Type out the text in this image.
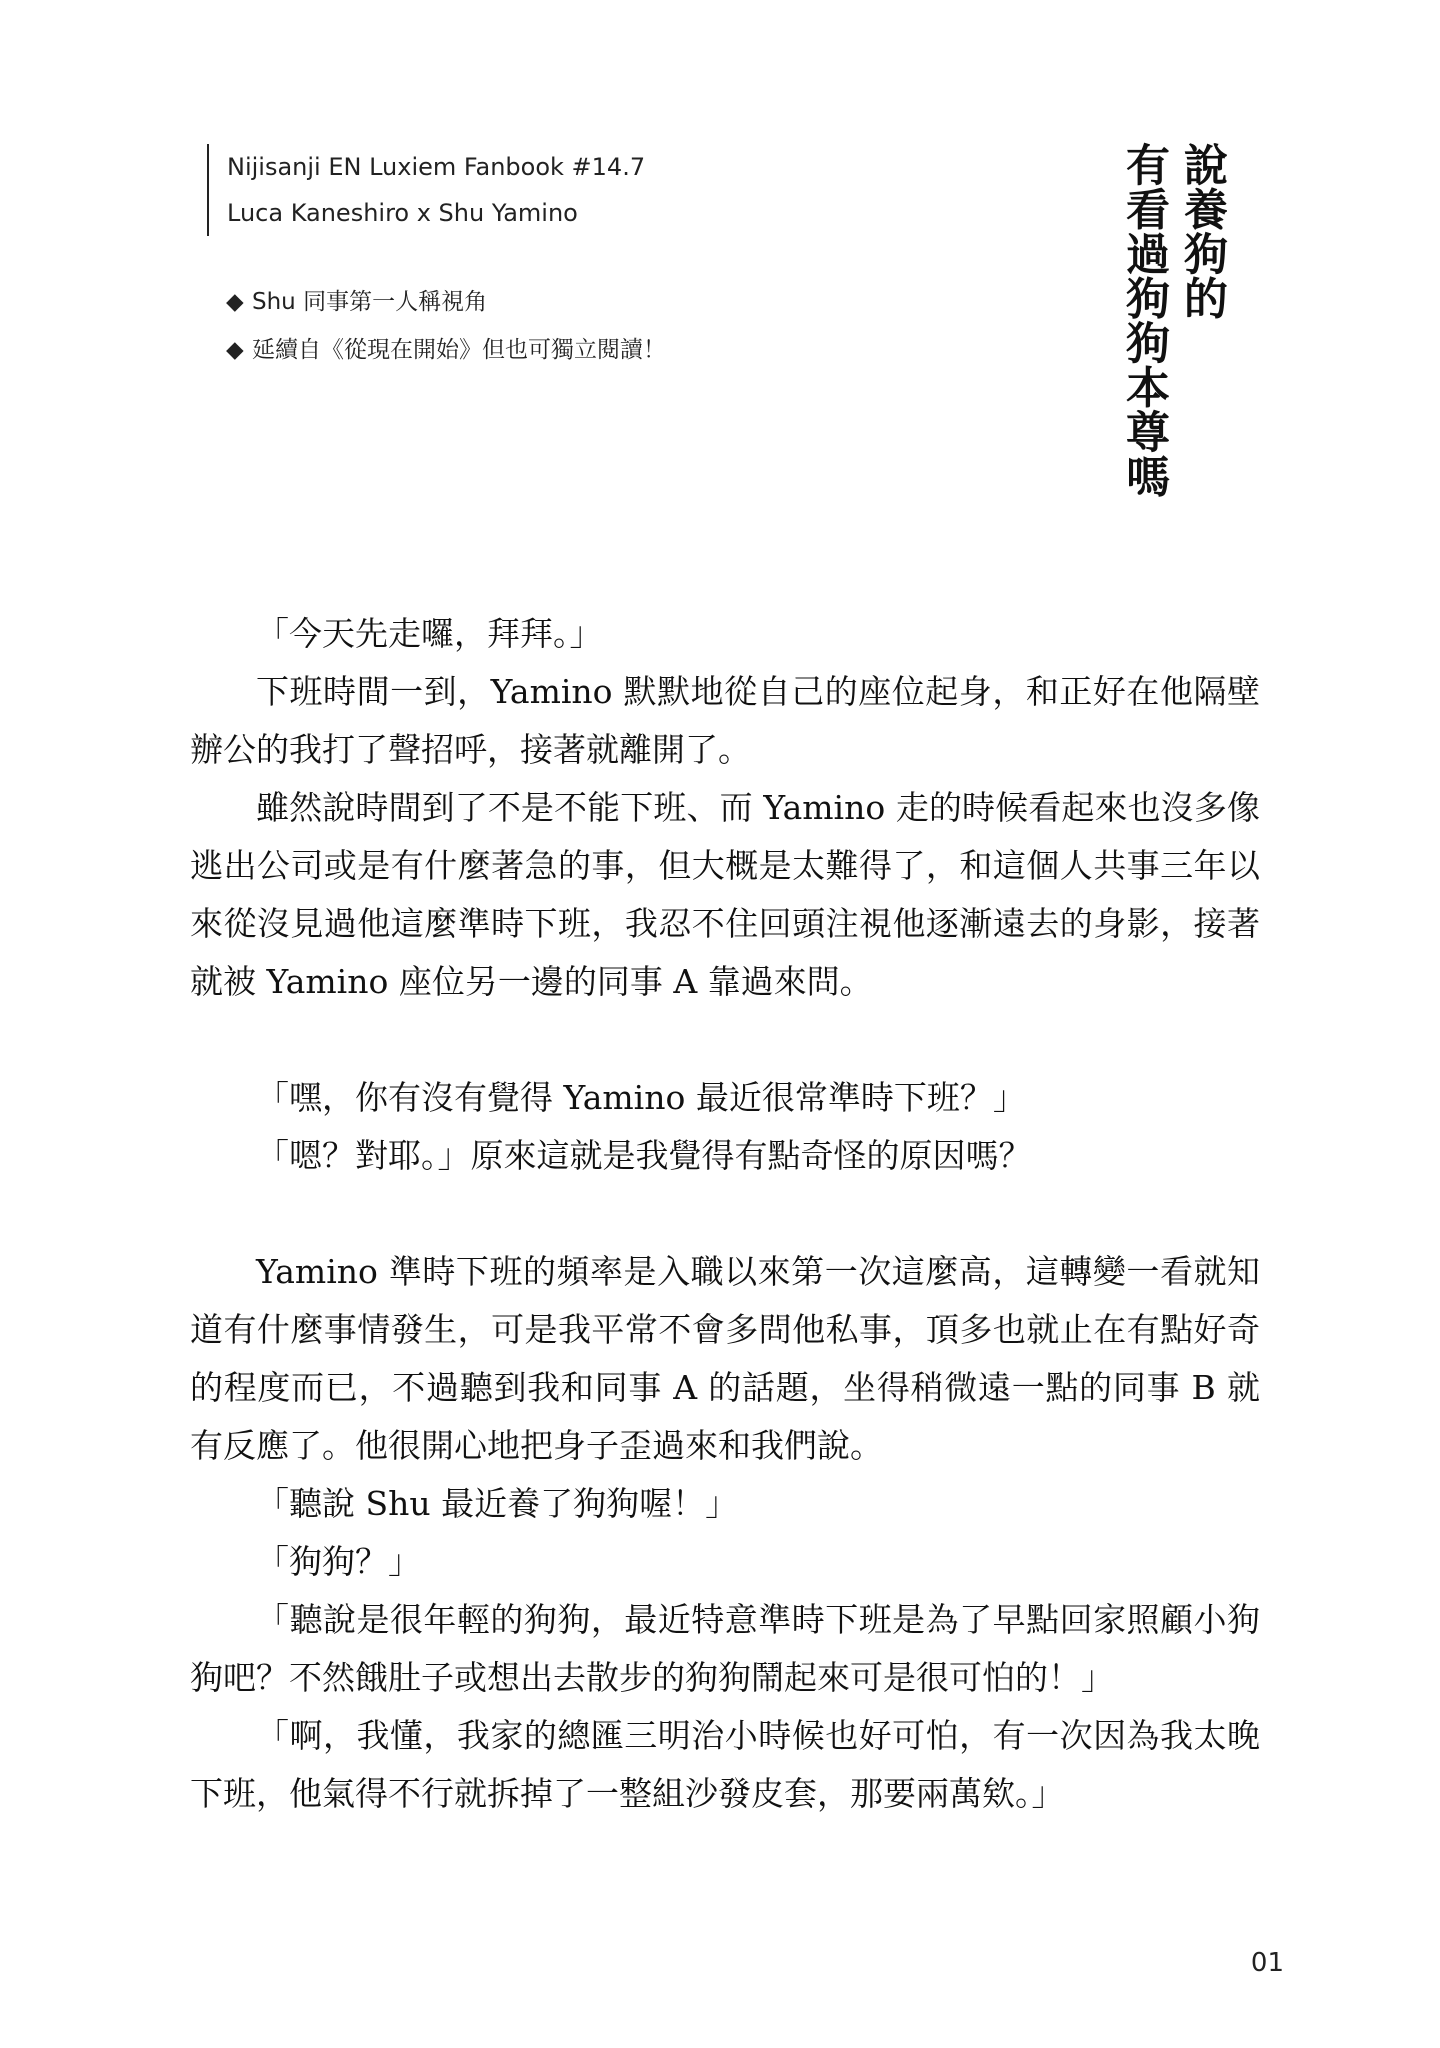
Nijisanji EN Luxiem Fanbook #14.7
Luca Kaneshiro x Shu Yamino
◆ Shu 同事第一人稱視角
◆ 延續自《從現在開始》但也可獨立閱讀！
說養狗的
有看過狗狗本尊嗎

「今天先走囉，拜拜。」

下班時間一到，Yamino 默默地從自己的座位起身，和正好在他隔壁辦公的我打了聲招呼，接著就離開了。

雖然說時間到了不是不能下班、而 Yamino 走的時候看起來也沒多像逃出公司或是有什麼著急的事，但大概是太難得了，和這個人共事三年以來從沒見過他這麼準時下班，我忍不住回頭注視他逐漸遠去的身影，接著就被 Yamino 座位另一邊的同事 A 靠過來問。

「嘿，你有沒有覺得 Yamino 最近很常準時下班？」

「嗯？對耶。」原來這就是我覺得有點奇怪的原因嗎？

Yamino 準時下班的頻率是入職以來第一次這麼高，這轉變一看就知道有什麼事情發生，可是我平常不會多問他私事，頂多也就止在有點好奇的程度而已，不過聽到我和同事 A 的話題，坐得稍微遠一點的同事 B 就有反應了。他很開心地把身子歪過來和我們說。

「聽說 Shu 最近養了狗狗喔！」

「狗狗？」

「聽說是很年輕的狗狗，最近特意準時下班是為了早點回家照顧小狗狗吧？不然餓肚子或想出去散步的狗狗鬧起來可是很可怕的！」

「啊，我懂，我家的總匯三明治小時候也好可怕，有一次因為我太晚下班，他氣得不行就拆掉了一整組沙發皮套，那要兩萬欸。」

01
